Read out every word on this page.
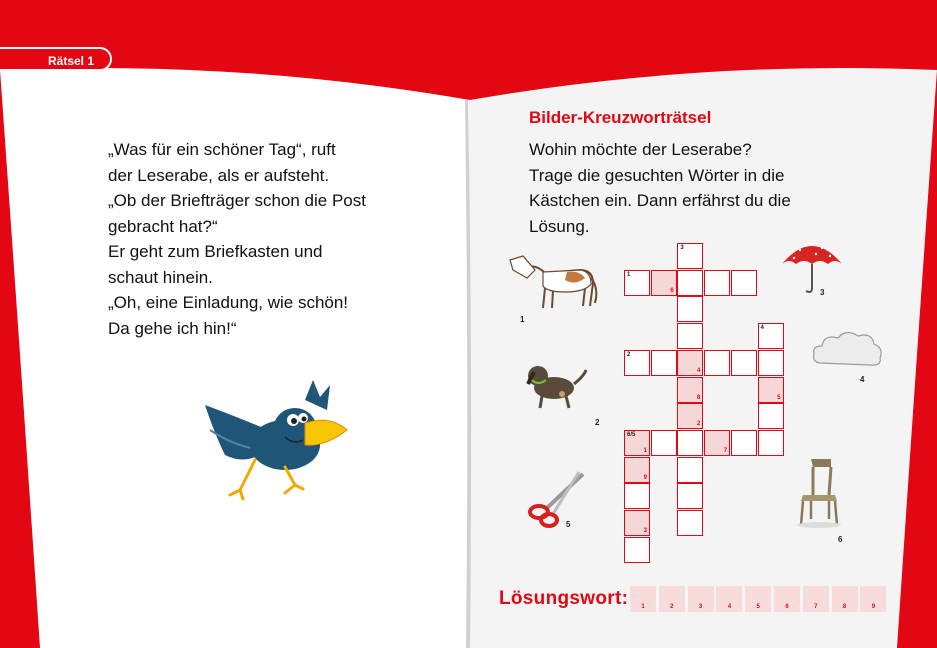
Rätsel 1
„Was für ein schöner Tag“, ruft
der Leserabe, als er aufsteht.
„Ob der Briefträger schon die Post
gebracht hat?“
Er geht zum Briefkasten und
schaut hinein.
„Oh, eine Einladung, wie schön!
Da gehe ich hin!“
Bilder-Kreuzworträtsel
Wohin möchte der Leserabe?
Trage die gesuchten Wörter in die
Kästchen ein. Dann erfährst du die
Lösung.
1
2
5
3
4
6
3
1
6
4
2
4
8	5
2
6/5
1	7
9
3
Lösungswort:	1	2	3	4	5	6	7	8	9
